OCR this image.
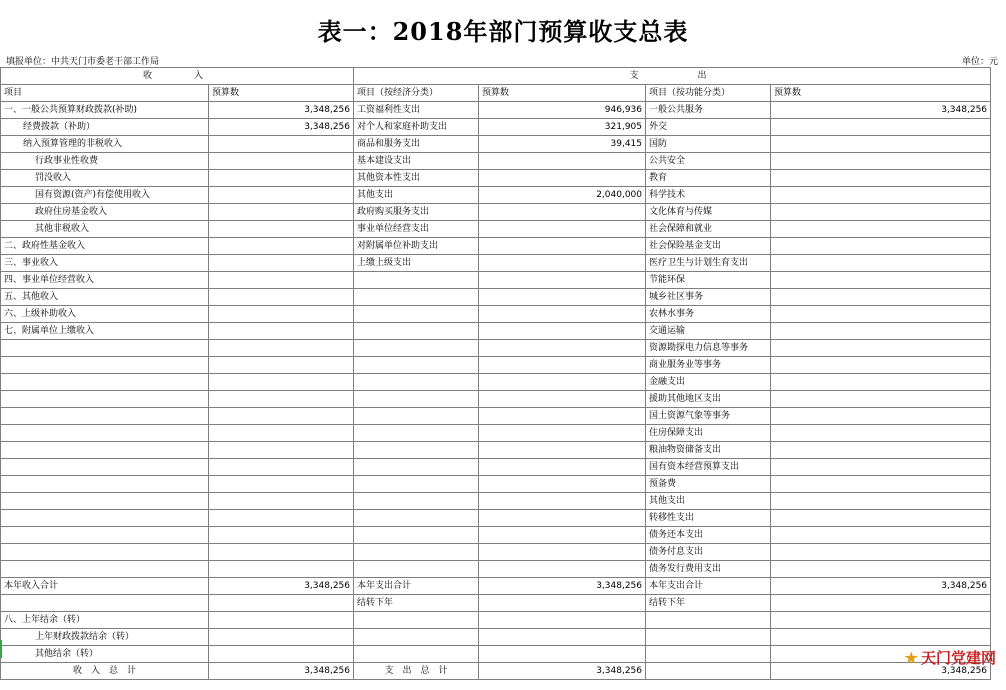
表一：2018年部门预算收支总表
填报单位：中共天门市委老干部工作局	单位：元
收　　入		支　　　出			
项目	预算数	项目（按经济分类）	预算数	项目（按功能分类）	预算数
一、一般公共预算财政拨款(补助)	3,348,256	工资福利性支出	946,936	一般公共服务	3,348,256
经费拨款（补助）	3,348,256	对个人和家庭补助支出	321,905	外交	
纳入预算管理的非税收入		商品和服务支出	39,415	国防	
行政事业性收费		基本建设支出		公共安全	
罚没收入		其他资本性支出		教育	
国有资源(资产)有偿使用收入		其他支出	2,040,000	科学技术	
政府住房基金收入		政府购买服务支出		文化体育与传媒	
其他非税收入		事业单位经营支出		社会保障和就业	
二、政府性基金收入		对附属单位补助支出		社会保险基金支出	
三、事业收入		上缴上级支出		医疗卫生与计划生育支出	
四、事业单位经营收入				节能环保	
五、其他收入				城乡社区事务	
六、上级补助收入				农林水事务	
七、附属单位上缴收入				交通运输	
				资源勘探电力信息等事务	
				商业服务业等事务	
				金融支出	
				援助其他地区支出	
				国土资源气象等事务	
				住房保障支出	
				粮油物资储备支出	
				国有资本经营预算支出	
				预备费	
				其他支出	
				转移性支出	
				债务还本支出	
				债务付息支出	
				债务发行费用支出	
本年收入合计	3,348,256	本年支出合计	3,348,256	本年支出合计	3,348,256
		结转下年		结转下年	
八、上年结余（转）					
上年财政拨款结余（转）					
其他结余（转）					
收　入　总　计	3,348,256	支　出　总　计	3,348,256		3,348,256
★ 天门党建网
